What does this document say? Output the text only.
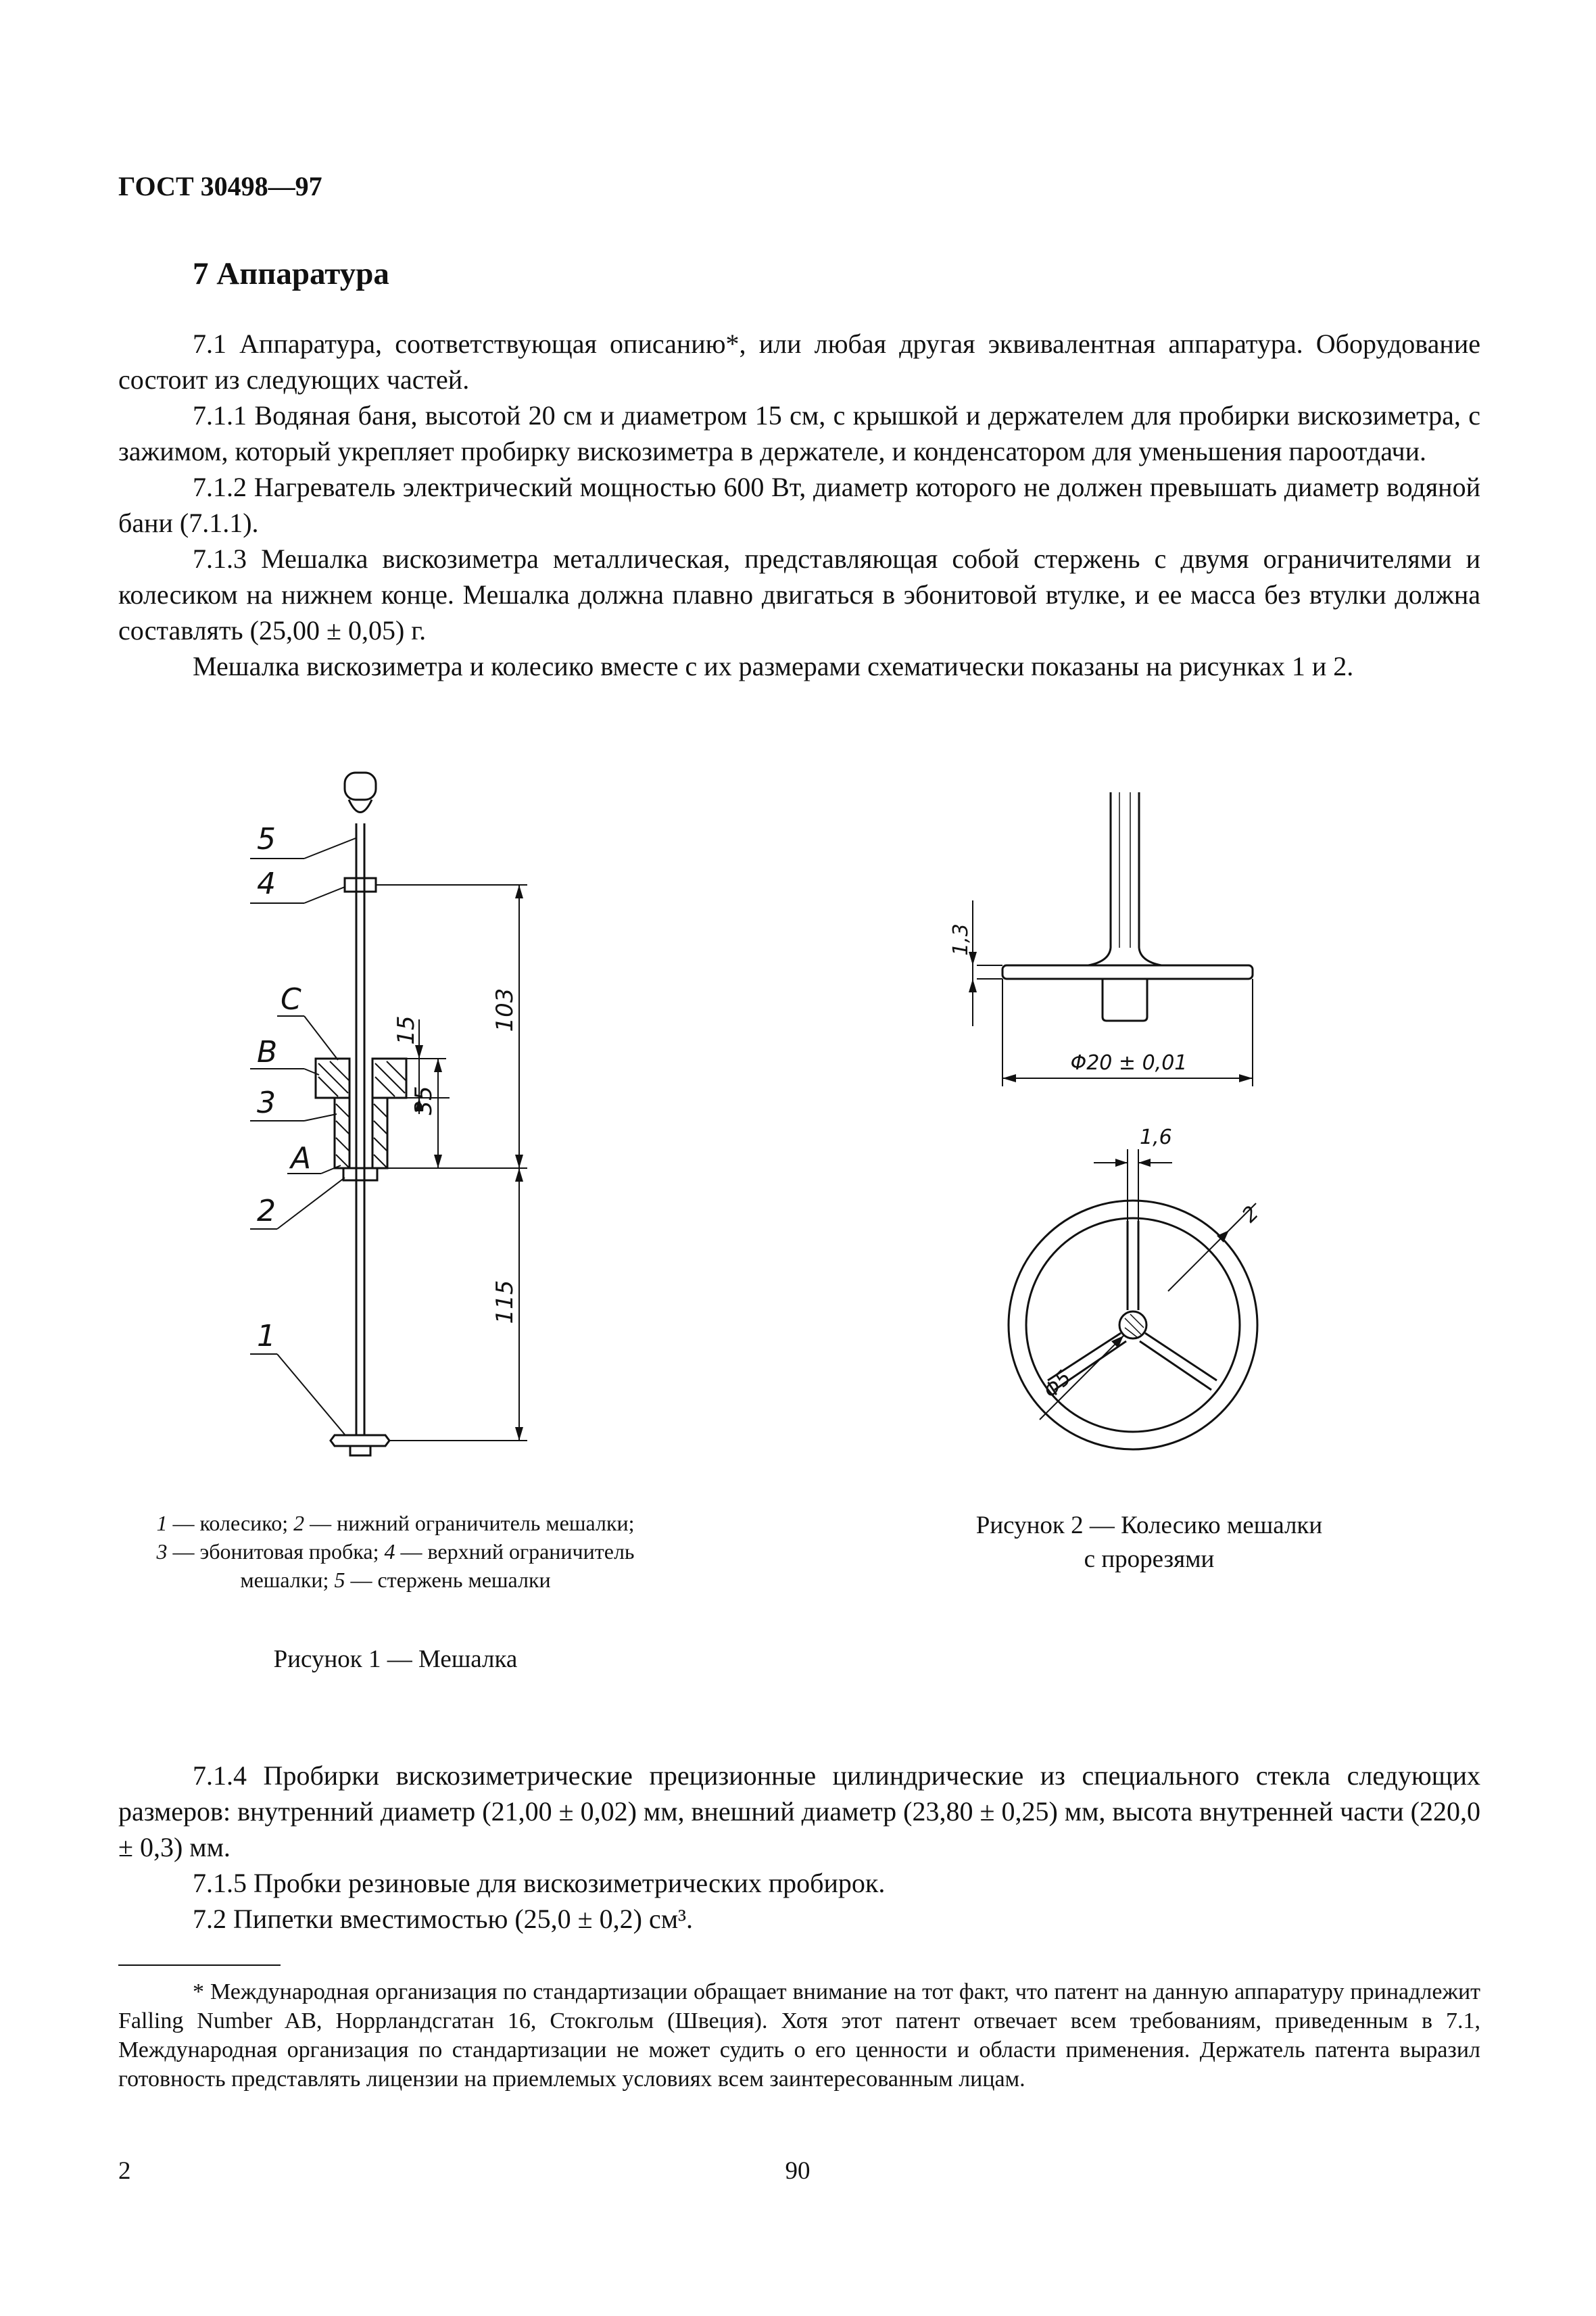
ГОСТ 30498—97
7 Аппаратура

7.1 Аппаратура, соответствующая описанию*, или любая другая эквивалентная аппаратура. Оборудование состоит из следующих частей.

7.1.1 Водяная баня, высотой 20 см и диаметром 15 см, с крышкой и держателем для пробирки вискозиметра, с зажимом, который укрепляет пробирку вискозиметра в держателе, и конденсатором для уменьшения пароотдачи.

7.1.2 Нагреватель электрический мощностью 600 Вт, диаметр которого не должен превышать диаметр водяной бани (7.1.1).

7.1.3 Мешалка вискозиметра металлическая, представляющая собой стержень с двумя ограничителями и колесиком на нижнем конце. Мешалка должна плавно двигаться в эбонитовой втулке, и ее масса без втулки должна составлять (25,00 ± 0,05) г.

Мешалка вискозиметра и колесико вместе с их размерами схематически показаны на рисунках 1 и 2.

5
4
С
В
3
А
2
1
15	103
35
115
1,3
Φ20 ± 0,01
1,6
2
Φ5
1 — колесико; 2 — нижний ограничитель мешалки; 3 — эбонитовая пробка; 4 — верхний ограничитель мешалки; 5 — стержень мешалки
Рисунок 1 — Мешалка
Рисунок 2 — Колесико мешалки
с прорезями

7.1.4 Пробирки вискозиметрические прецизионные цилиндрические из специального стекла следующих размеров: внутренний диаметр (21,00 ± 0,02) мм, внешний диаметр (23,80 ± 0,25) мм, высота внутренней части (220,0 ± 0,3) мм.

7.1.5 Пробки резиновые для вискозиметрических пробирок.

7.2 Пипетки вместимостью (25,0 ± 0,2) см³.

* Международная организация по стандартизации обращает внимание на тот факт, что патент на данную аппаратуру принадлежит Falling Number AB, Норрландсгатан 16, Стокгольм (Швеция). Хотя этот патент отвечает всем требованиям, приведенным в 7.1, Международная организация по стандартизации не может судить о его ценности и области применения. Держатель патента выразил готовность представлять лицензии на приемлемых условиях всем заинтересованным лицам.
2	90
